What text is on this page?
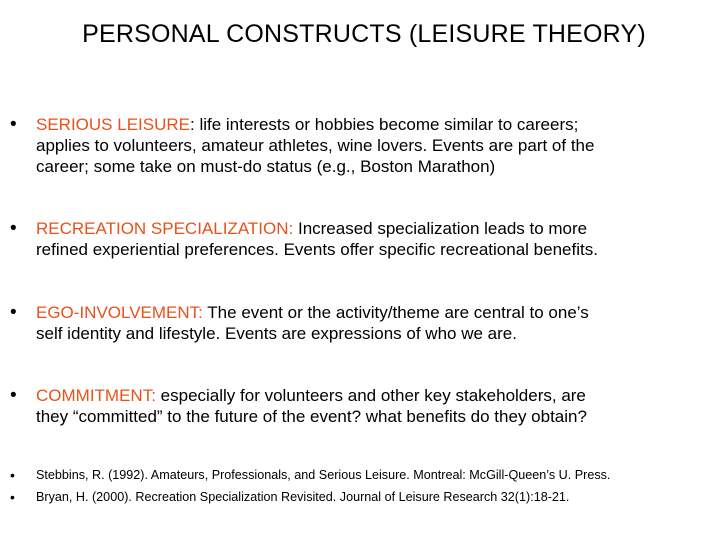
PERSONAL CONSTRUCTS (LEISURE THEORY)
•	SERIOUS LEISURE: life interests or hobbies become similar to careers;
applies to volunteers, amateur athletes, wine lovers. Events are part of the
career; some take on must-do status (e.g., Boston Marathon)
•	RECREATION SPECIALIZATION: Increased specialization leads to more
refined experiential preferences. Events offer specific recreational benefits.
•	EGO-INVOLVEMENT: The event or the activity/theme are central to one’s
self identity and lifestyle. Events are expressions of who we are.
•	COMMITMENT: especially for volunteers and other key stakeholders, are
they “committed” to the future of the event? what benefits do they obtain?
•	Stebbins, R. (1992). Amateurs, Professionals, and Serious Leisure. Montreal: McGill-Queen’s U. Press.
•	Bryan, H. (2000). Recreation Specialization Revisited. Journal of Leisure Research 32(1):18-21.
